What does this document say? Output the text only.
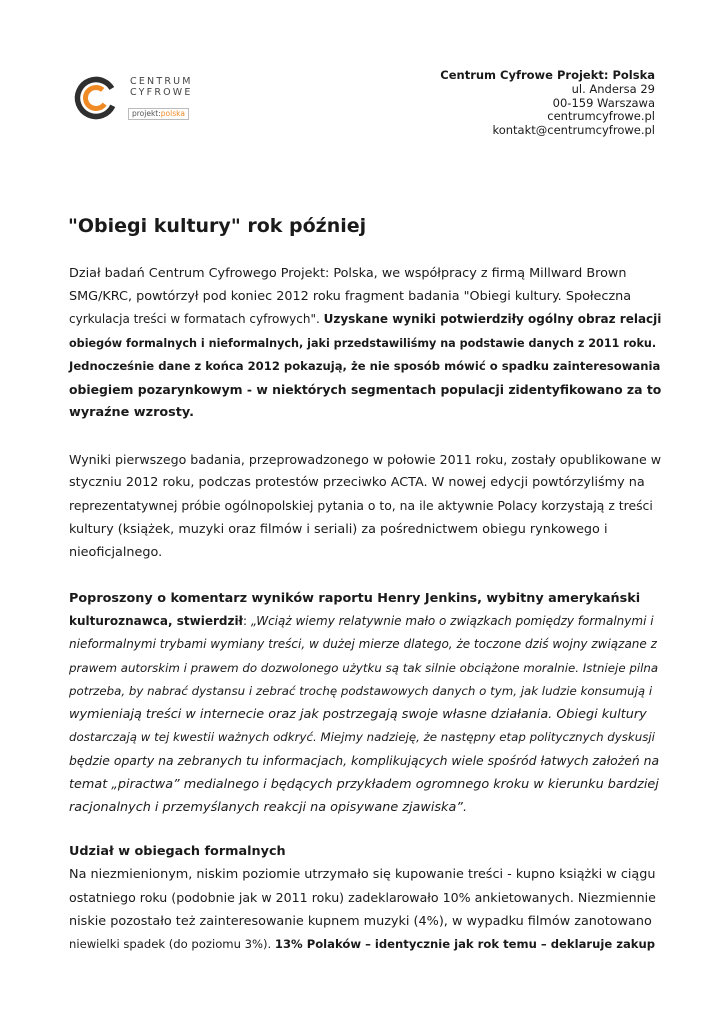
CENTRUM
CYFROWE
projekt:polska
Centrum Cyfrowe Projekt: Polska
ul. Andersa 29
00-159 Warszawa
centrumcyfrowe.pl
kontakt@centrumcyfrowe.pl
"Obiegi kultury" rok później

Dział badań Centrum Cyfrowego Projekt: Polska, we współpracy z firmą Millward Brown
SMG/KRC, powtórzył pod koniec 2012 roku fragment badania "Obiegi kultury. Społeczna
cyrkulacja treści w formatach cyfrowych". Uzyskane wyniki potwierdziły ogólny obraz relacji
obiegów formalnych i nieformalnych, jaki przedstawiliśmy na podstawie danych z 2011 roku.
Jednocześnie dane z końca 2012 pokazują, że nie sposób mówić o spadku zainteresowania
obiegiem pozarynkowym - w niektórych segmentach populacji zidentyfikowano za to
wyraźne wzrosty.

Wyniki pierwszego badania, przeprowadzonego w połowie 2011 roku, zostały opublikowane w
styczniu 2012 roku, podczas protestów przeciwko ACTA. W nowej edycji powtórzyliśmy na
reprezentatywnej próbie ogólnopolskiej pytania o to, na ile aktywnie Polacy korzystają z treści
kultury (książek, muzyki oraz filmów i seriali) za pośrednictwem obiegu rynkowego i
nieoficjalnego.

Poproszony o komentarz wyników raportu Henry Jenkins, wybitny amerykański
kulturoznawca, stwierdził: „Wciąż wiemy relatywnie mało o związkach pomiędzy formalnymi i
nieformalnymi trybami wymiany treści, w dużej mierze dlatego, że toczone dziś wojny związane z
prawem autorskim i prawem do dozwolonego użytku są tak silnie obciążone moralnie. Istnieje pilna
potrzeba, by nabrać dystansu i zebrać trochę podstawowych danych o tym, jak ludzie konsumują i
wymieniają treści w internecie oraz jak postrzegają swoje własne działania. Obiegi kultury
dostarczają w tej kwestii ważnych odkryć. Miejmy nadzieję, że następny etap politycznych dyskusji
będzie oparty na zebranych tu informacjach, komplikujących wiele spośród łatwych założeń na
temat „piractwa” medialnego i będących przykładem ogromnego kroku w kierunku bardziej
racjonalnych i przemyślanych reakcji na opisywane zjawiska”.

Udział w obiegach formalnych
Na niezmienionym, niskim poziomie utrzymało się kupowanie treści - kupno książki w ciągu
ostatniego roku (podobnie jak w 2011 roku) zadeklarowało 10% ankietowanych. Niezmiennie
niskie pozostało też zainteresowanie kupnem muzyki (4%), w wypadku filmów zanotowano
niewielki spadek (do poziomu 3%). 13% Polaków – identycznie jak rok temu – deklaruje zakup
